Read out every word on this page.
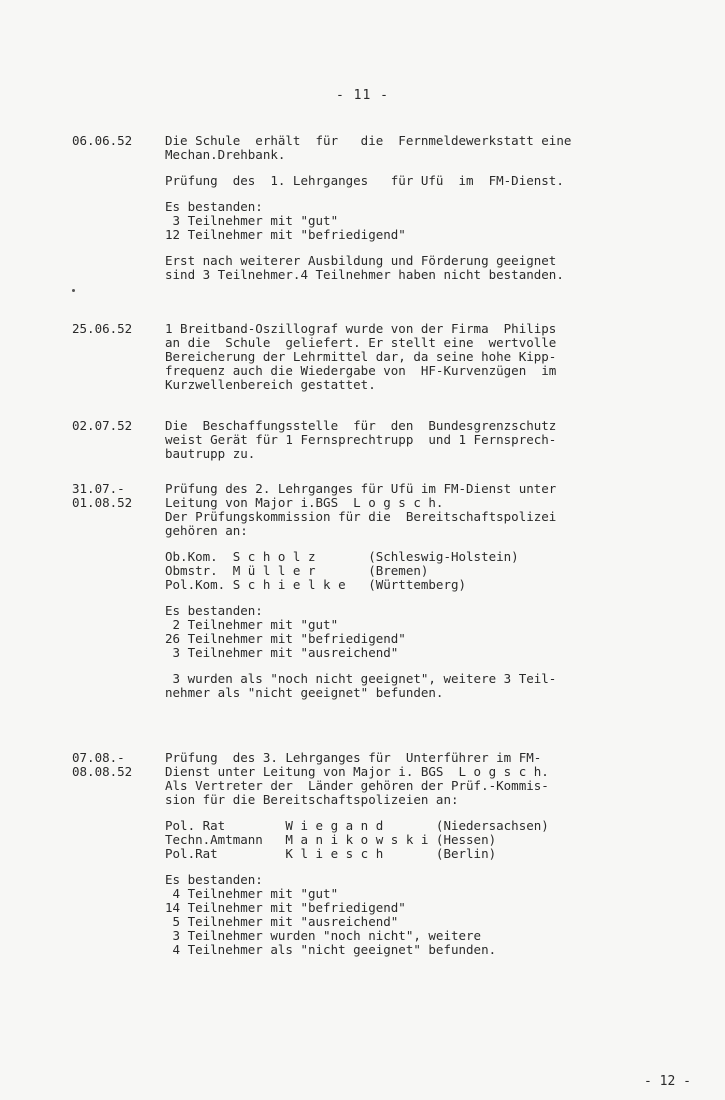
- 11 -
06.06.52	Die Schule  erhält  für   die  Fernmeldewerkstatt eine
Mechan.Drehbank.
Prüfung  des  1. Lehrganges   für Ufü  im  FM-Dienst.
Es bestanden:
3 Teilnehmer mit "gut"
12 Teilnehmer mit "befriedigend"
Erst nach weiterer Ausbildung und Förderung geeignet
sind 3 Teilnehmer.4 Teilnehmer haben nicht bestanden.
25.06.52	1 Breitband-Oszillograf wurde von der Firma  Philips
an die  Schule  geliefert. Er stellt eine  wertvolle
Bereicherung der Lehrmittel dar, da seine hohe Kipp-
frequenz auch die Wiedergabe von  HF-Kurvenzügen  im
Kurzwellenbereich gestattet.
02.07.52	Die  Beschaffungsstelle  für  den  Bundesgrenzschutz
weist Gerät für 1 Fernsprechtrupp  und 1 Fernsprech-
bautrupp zu.
31.07.-
01.08.52
Prüfung des 2. Lehrganges für Ufü im FM-Dienst unter
Leitung von Major i.BGS  L o g s c h.
Der Prüfungskommission für die  Bereitschaftspolizei
gehören an:
Ob.Kom.  S c h o l z       (Schleswig-Holstein)
Obmstr.  M ü l l e r       (Bremen)
Pol.Kom. S c h i e l k e   (Württemberg)
Es bestanden:
2 Teilnehmer mit "gut"
26 Teilnehmer mit "befriedigend"
3 Teilnehmer mit "ausreichend"
3 wurden als "noch nicht geeignet", weitere 3 Teil-
nehmer als "nicht geeignet" befunden.
07.08.-
08.08.52
Prüfung  des 3. Lehrganges für  Unterführer im FM-
Dienst unter Leitung von Major i. BGS  L o g s c h.
Als Vertreter der  Länder gehören der Prüf.-Kommis-
sion für die Bereitschaftspolizeien an:
Pol. Rat        W i e g a n d       (Niedersachsen)
Techn.Amtmann   M a n i k o w s k i (Hessen)
Pol.Rat         K l i e s c h       (Berlin)
Es bestanden:
4 Teilnehmer mit "gut"
14 Teilnehmer mit "befriedigend"
5 Teilnehmer mit "ausreichend"
3 Teilnehmer wurden "noch nicht", weitere
4 Teilnehmer als "nicht geeignet" befunden.
- 12 -
